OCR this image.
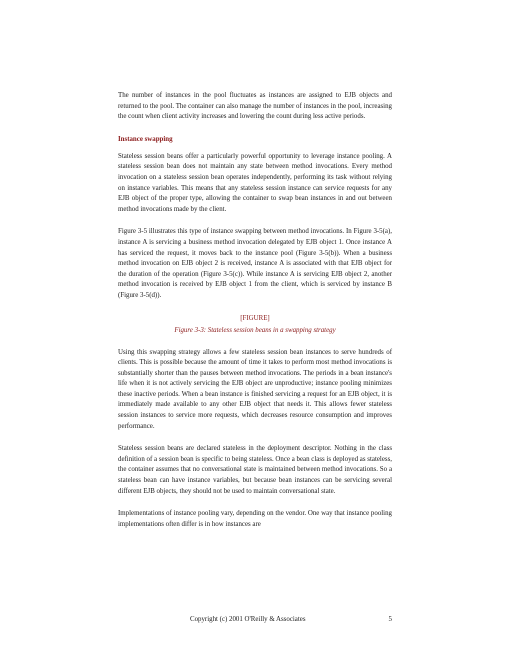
The number of instances in the pool fluctuates as instances are assigned to EJB objects and returned to the pool. The container can also manage the number of instances in the pool, increasing the count when client activity increases and lowering the count during less active periods.

Instance swapping

Stateless session beans offer a particularly powerful opportunity to leverage instance pooling. A stateless session bean does not maintain any state between method invocations. Every method invocation on a stateless session bean operates independently, performing its task without relying on instance variables. This means that any stateless session instance can service requests for any EJB object of the proper type, allowing the container to swap bean instances in and out between method invocations made by the client.

Figure 3-5 illustrates this type of instance swapping between method invocations. In Figure 3-5(a), instance A is servicing a business method invocation delegated by EJB object 1. Once instance A has serviced the request, it moves back to the instance pool (Figure 3-5(b)). When a business method invocation on EJB object 2 is received, instance A is associated with that EJB object for the duration of the operation (Figure 3-5(c)). While instance A is servicing EJB object 2, another method invocation is received by EJB object 1 from the client, which is serviced by instance B (Figure 3-5(d)).

[FIGURE]
Figure 3-3: Stateless session beans in a swapping strategy

Using this swapping strategy allows a few stateless session bean instances to serve hundreds of clients. This is possible because the amount of time it takes to perform most method invocations is substantially shorter than the pauses between method invocations. The periods in a bean instance's life when it is not actively servicing the EJB object are unproductive; instance pooling minimizes these inactive periods. When a bean instance is finished servicing a request for an EJB object, it is immediately made available to any other EJB object that needs it. This allows fewer stateless session instances to service more requests, which decreases resource consumption and improves performance.

Stateless session beans are declared stateless in the deployment descriptor. Nothing in the class definition of a session bean is specific to being stateless. Once a bean class is deployed as stateless, the container assumes that no conversational state is maintained between method invocations. So a stateless bean can have instance variables, but because bean instances can be servicing several different EJB objects, they should not be used to maintain conversational state.

Implementations of instance pooling vary, depending on the vendor. One way that instance pooling implementations often differ is in how instances are

Copyright (c) 2001 O'Reilly & Associates	5
